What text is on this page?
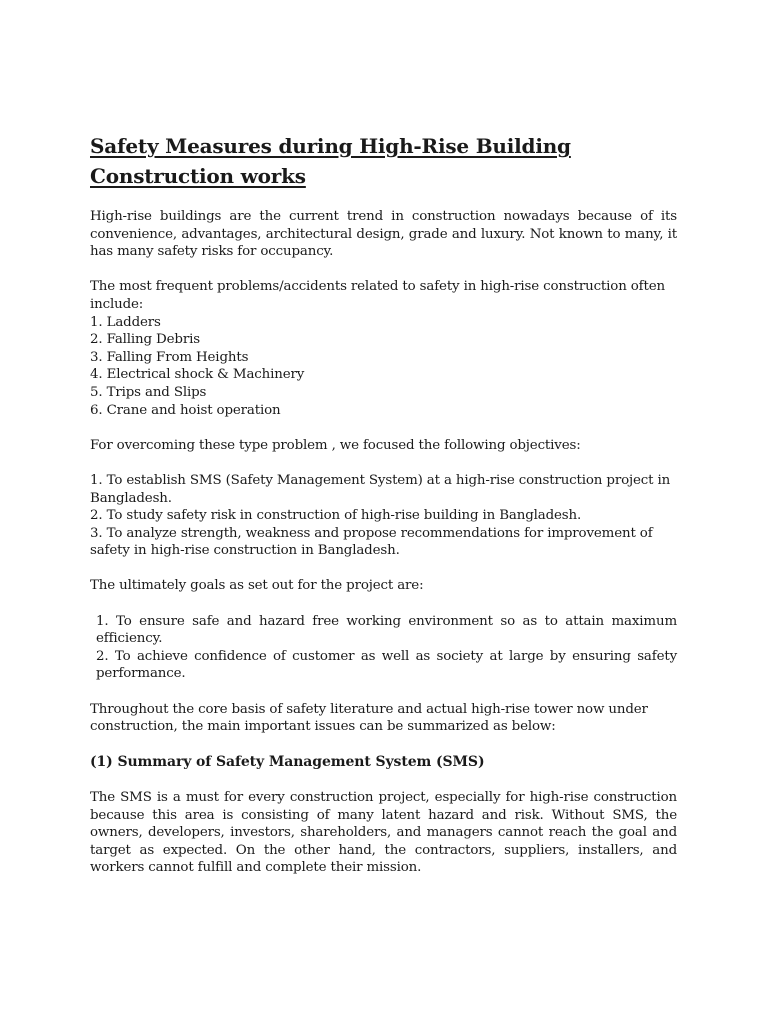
Safety Measures during High-Rise Building
Construction works

High-rise buildings are the current trend in construction nowadays because of its convenience, advantages, architectural design, grade and luxury. Not known to many, it has many safety risks for occupancy.

The most frequent problems/accidents related to safety in high-rise construction often include:

1. Ladders
2. Falling Debris
3. Falling From Heights
4. Electrical shock & Machinery
5. Trips and Slips
6. Crane and hoist operation

For overcoming these type problem , we focused the following objectives:

1. To establish SMS (Safety Management System) at a high-rise construction project in Bangladesh.

2. To study safety risk in construction of high-rise building in Bangladesh.

3. To analyze strength, weakness and propose recommendations for improvement of safety in high-rise construction in Bangladesh.

The ultimately goals as set out for the project are:

1. To ensure safe and hazard free working environment so as to attain maximum efficiency.

2. To achieve confidence of customer as well as society at large by ensuring safety performance.

Throughout the core basis of safety literature and actual high-rise tower now under construction, the main important issues can be summarized as below:

(1) Summary of Safety Management System (SMS)

The SMS is a must for every construction project, especially for high-rise construction because this area is consisting of many latent hazard and risk. Without SMS, the owners, developers, investors, shareholders, and managers cannot reach the goal and target as expected. On the other hand, the contractors, suppliers, installers, and workers cannot fulfill and complete their mission.
